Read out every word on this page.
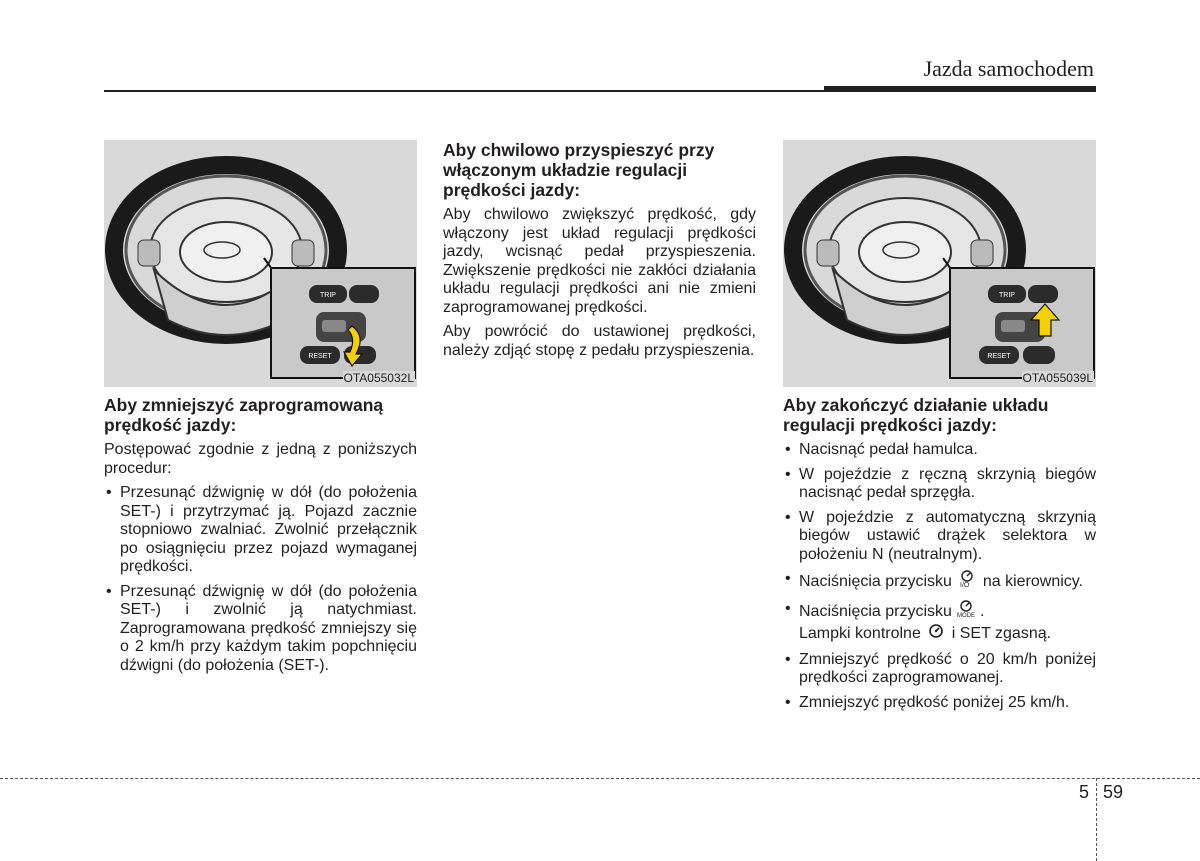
Jazda samochodem
TRIP
RESET
OTA055032L
Aby zmniejszyć zaprogramowaną prędkość jazdy:

Postępować zgodnie z jedną z poniższych procedur:

• Przesunąć dźwignię w dół (do położenia SET-) i przytrzymać ją. Pojazd zacznie stopniowo zwalniać. Zwolnić przełącznik po osiągnięciu przez pojazd wymaganej prędkości.
• Przesunąć dźwignię w dół (do położenia SET-) i zwolnić ją natychmiast. Zaprogramowana prędkość zmniejszy się o 2 km/h przy każdym takim popchnięciu dźwigni (do położenia (SET-).
Aby chwilowo przyspieszyć przy włączonym układzie regulacji prędkości jazdy:

Aby chwilowo zwiększyć prędkość, gdy włączony jest układ regulacji prędkości jazdy, wcisnąć pedał przyspieszenia. Zwiększenie prędkości nie zakłóci działania układu regulacji prędkości ani nie zmieni zaprogramowanej prędkości.

Aby powrócić do ustawionej prędkości, należy zdjąć stopę z pedału przyspieszenia.

TRIP
RESET
OTA055039L
Aby zakończyć działanie układu regulacji prędkości jazdy:
• Nacisnąć pedał hamulca.
• W pojeździe z ręczną skrzynią biegów nacisnąć pedał sprzęgła.
• W pojeździe z automatyczną skrzynią biegów ustawić drążek selektora w położeniu N (neutralnym).
• Naciśnięcia przycisku I/O na kierownicy.
• Naciśnięcia przycisku MODE .
Lampki kontrolne i SET zgasną.
• Zmniejszyć prędkość o 20 km/h poniżej prędkości zaprogramowanej.
• Zmniejszyć prędkość poniżej 25 km/h.
5 59
